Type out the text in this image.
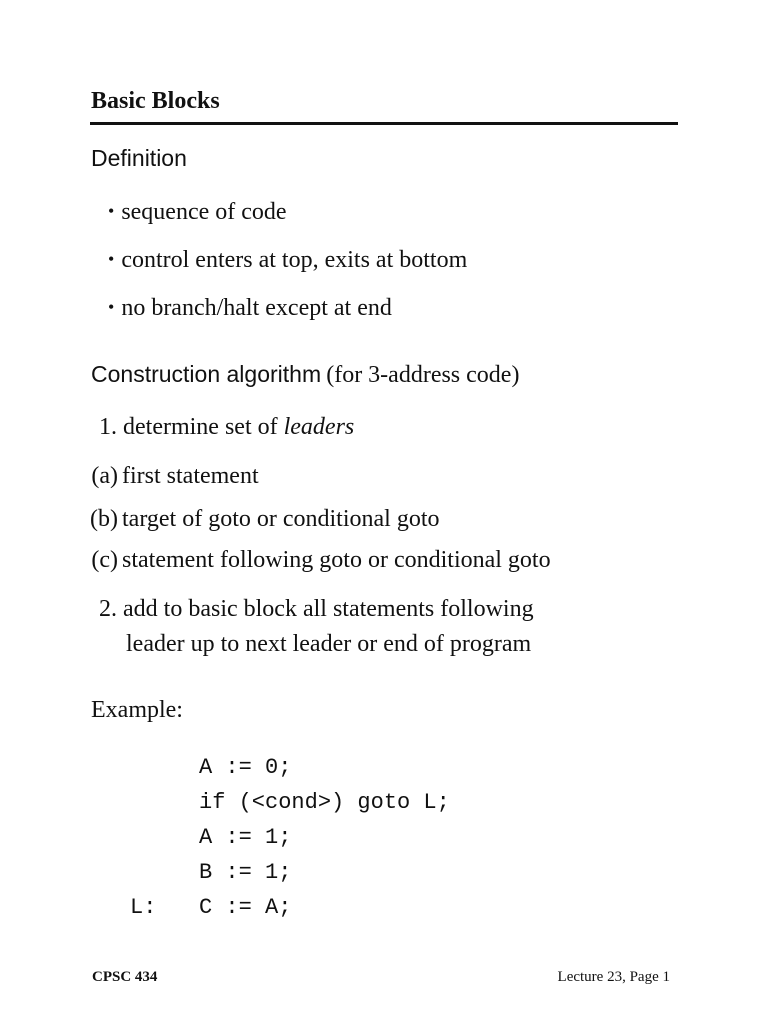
Basic Blocks
Definition
• sequence of code
• control enters at top, exits at bottom
• no branch/halt except at end
Construction algorithm (for 3-address code)
1. determine set of leaders
(a) first statement
(b) target of goto or conditional goto
(c) statement following goto or conditional goto
2. add to basic block all statements following
leader up to next leader or end of program
Example:
A := 0;
if (<cond>) goto L;
A := 1;
B := 1;
L: C := A;
CPSC 434	Lecture 23, Page 1
